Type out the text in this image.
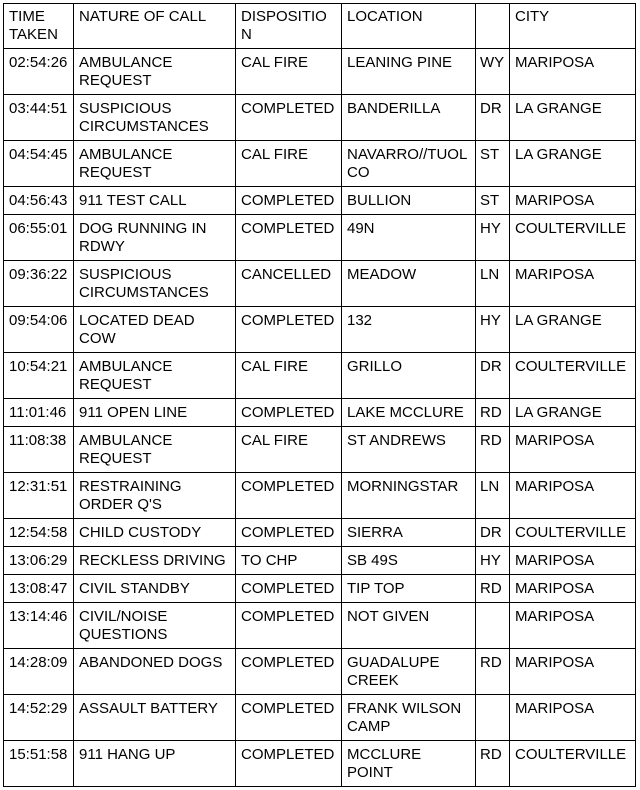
TIME TAKEN	NATURE OF CALL	DISPOSITION	LOCATION		CITY
02:54:26	AMBULANCE REQUEST	CAL FIRE	LEANING PINE	WY	MARIPOSA
03:44:51	SUSPICIOUS CIRCUMSTANCES	COMPLETED	BANDERILLA	DR	LA GRANGE
04:54:45	AMBULANCE REQUEST	CAL FIRE	NAVARRO//TUOLCO	ST	LA GRANGE
04:56:43	911 TEST CALL	COMPLETED	BULLION	ST	MARIPOSA
06:55:01	DOG RUNNING IN RDWY	COMPLETED	49N	HY	COULTERVILLE
09:36:22	SUSPICIOUS CIRCUMSTANCES	CANCELLED	MEADOW	LN	MARIPOSA
09:54:06	LOCATED DEAD COW	COMPLETED	132	HY	LA GRANGE
10:54:21	AMBULANCE REQUEST	CAL FIRE	GRILLO	DR	COULTERVILLE
11:01:46	911 OPEN LINE	COMPLETED	LAKE MCCLURE	RD	LA GRANGE
11:08:38	AMBULANCE REQUEST	CAL FIRE	ST ANDREWS	RD	MARIPOSA
12:31:51	RESTRAINING ORDER Q'S	COMPLETED	MORNINGSTAR	LN	MARIPOSA
12:54:58	CHILD CUSTODY	COMPLETED	SIERRA	DR	COULTERVILLE
13:06:29	RECKLESS DRIVING	TO CHP	SB 49S	HY	MARIPOSA
13:08:47	CIVIL STANDBY	COMPLETED	TIP TOP	RD	MARIPOSA
13:14:46	CIVIL/NOISE QUESTIONS	COMPLETED	NOT GIVEN		MARIPOSA
14:28:09	ABANDONED DOGS	COMPLETED	GUADALUPE CREEK	RD	MARIPOSA
14:52:29	ASSAULT BATTERY	COMPLETED	FRANK WILSON CAMP		MARIPOSA
15:51:58	911 HANG UP	COMPLETED	MCCLURE POINT	RD	COULTERVILLE
